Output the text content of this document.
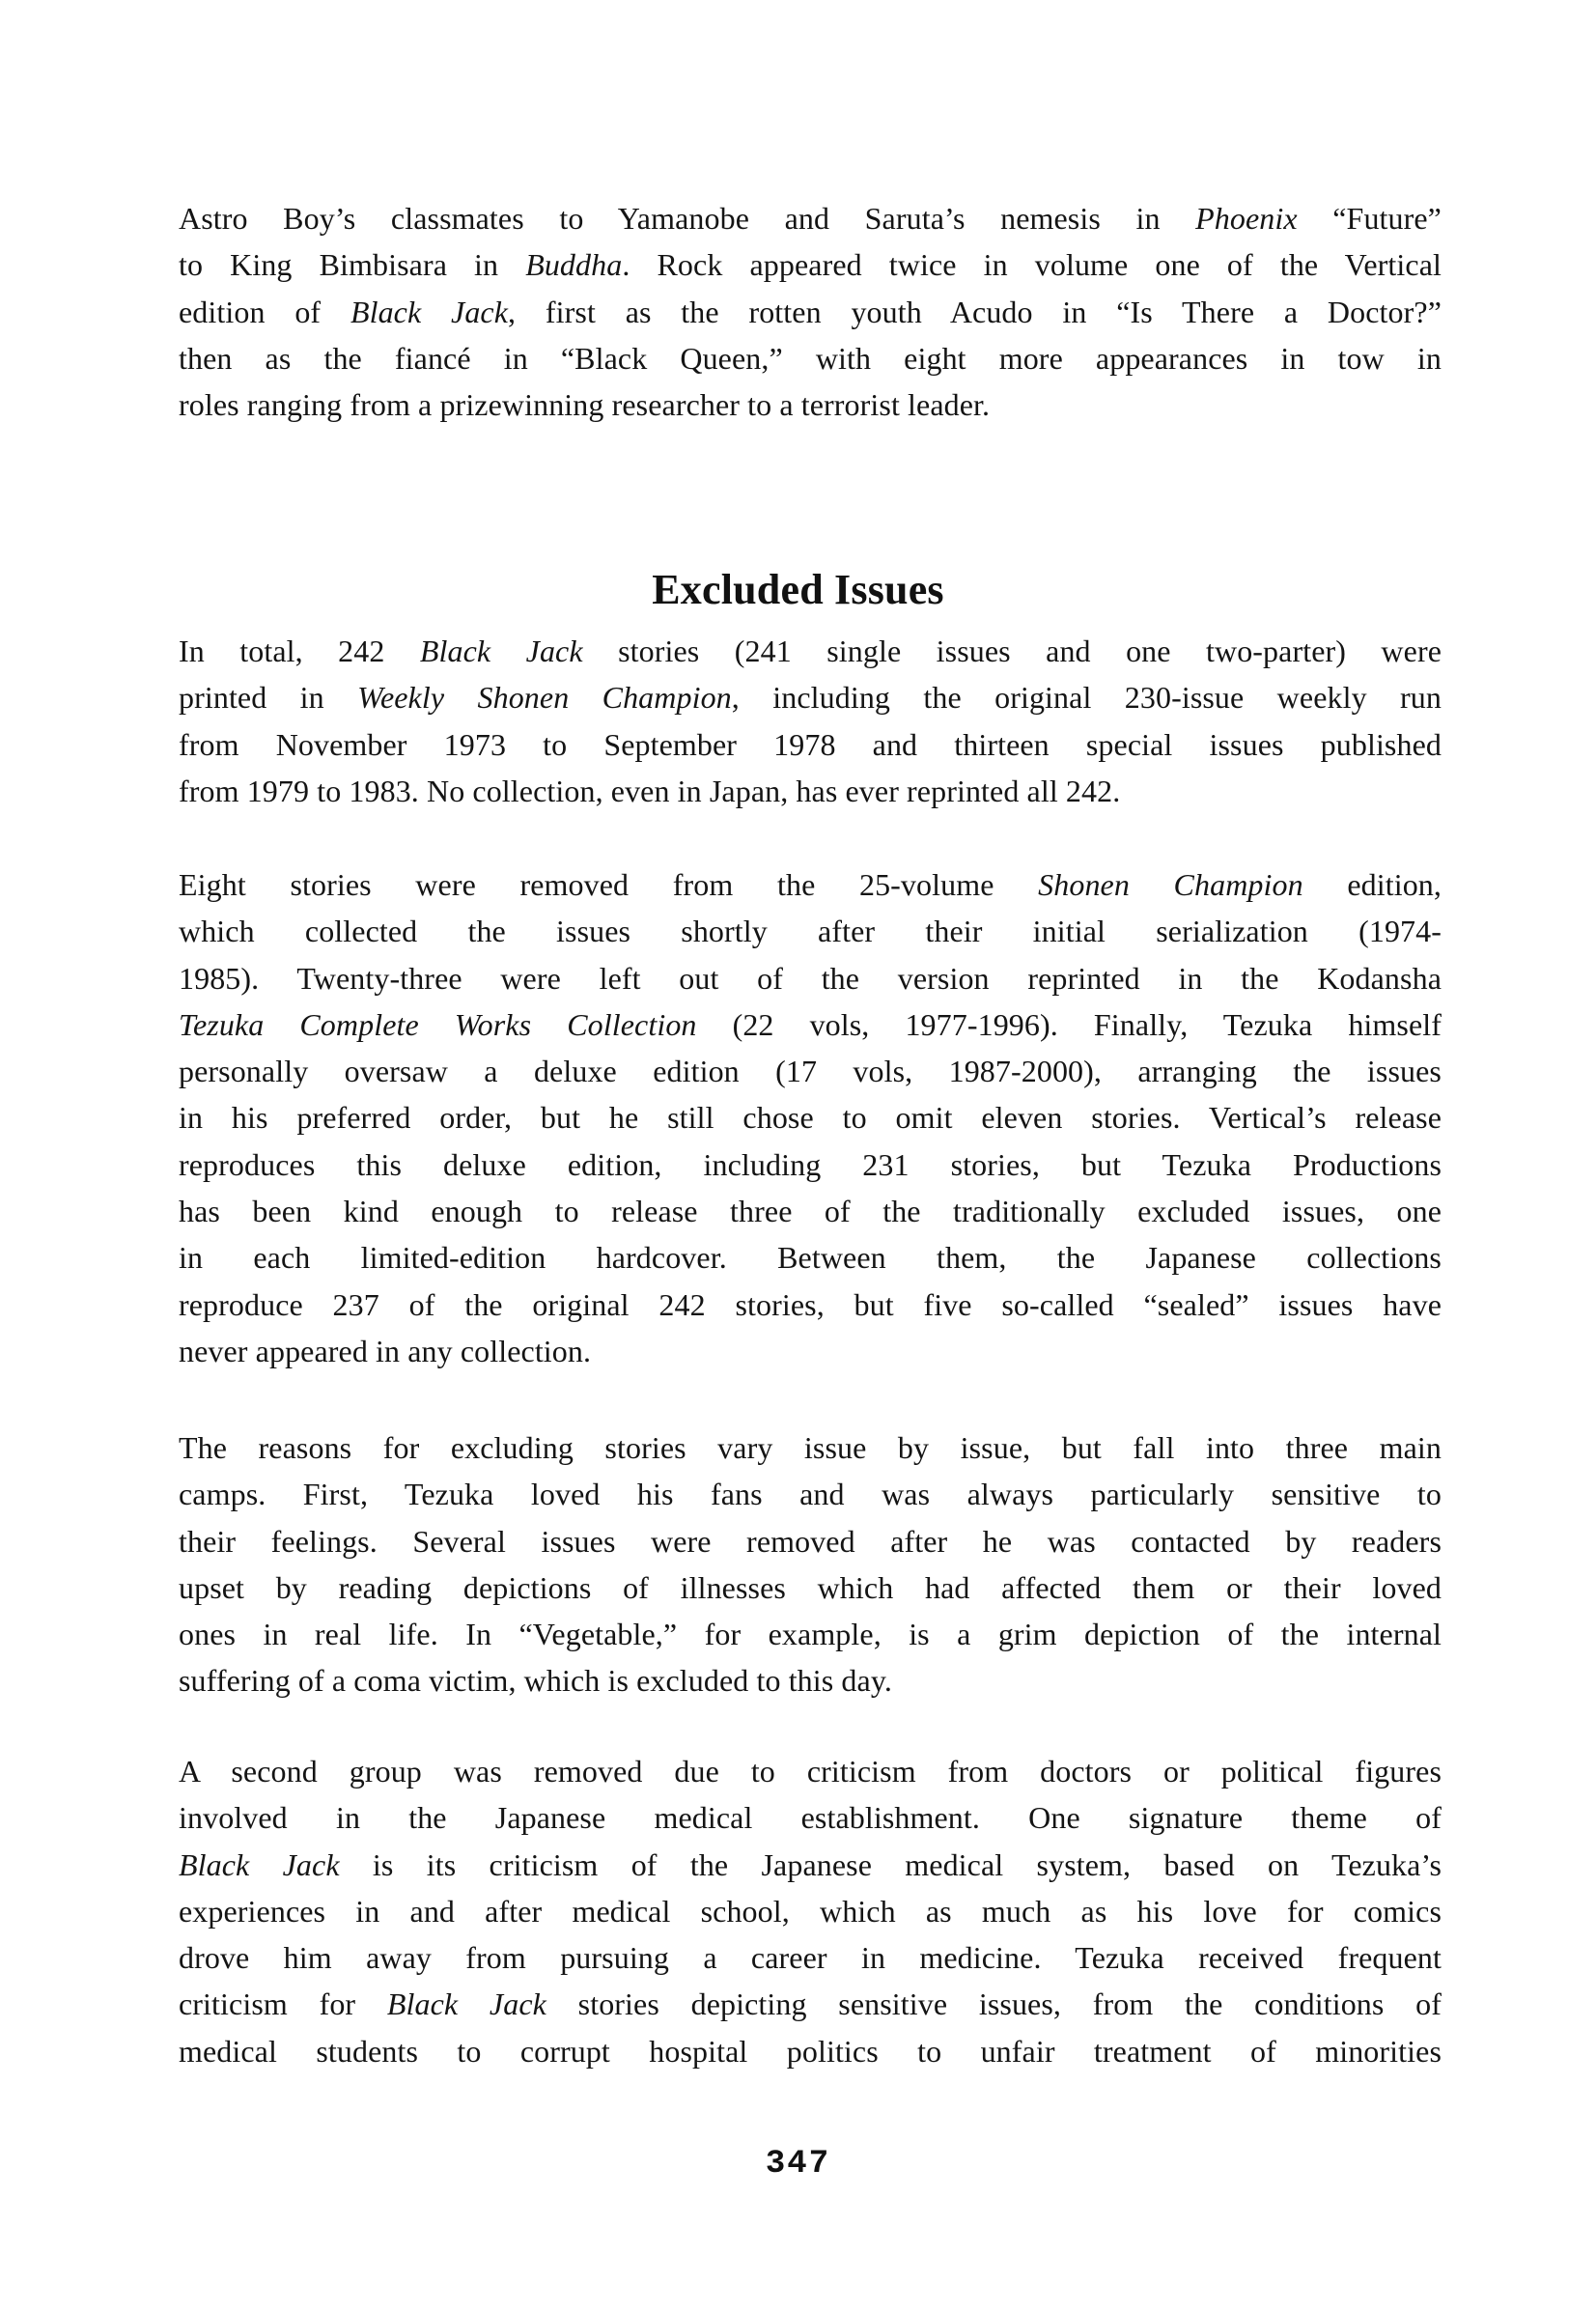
Astro Boy’s classmates to Yamanobe and Saruta’s nemesis in Phoenix “Future”
to King Bimbisara in Buddha. Rock appeared twice in volume one of the Vertical
edition of Black Jack, first as the rotten youth Acudo in “Is There a Doctor?”
then as the fiancé in “Black Queen,” with eight more appearances in tow in
roles ranging from a prizewinning researcher to a terrorist leader.
In total, 242 Black Jack stories (241 single issues and one two-parter) were
printed in Weekly Shonen Champion, including the original 230-issue weekly run
from November 1973 to September 1978 and thirteen special issues published
from 1979 to 1983. No collection, even in Japan, has ever reprinted all 242.
Eight stories were removed from the 25-volume Shonen Champion edition,
which collected the issues shortly after their initial serialization (1974-
1985). Twenty-three were left out of the version reprinted in the Kodansha
Tezuka Complete Works Collection (22 vols, 1977-1996). Finally, Tezuka himself
personally oversaw a deluxe edition (17 vols, 1987-2000), arranging the issues
in his preferred order, but he still chose to omit eleven stories. Vertical’s release
reproduces this deluxe edition, including 231 stories, but Tezuka Productions
has been kind enough to release three of the traditionally excluded issues, one
in each limited-edition hardcover. Between them, the Japanese collections
reproduce 237 of the original 242 stories, but five so-called “sealed” issues have
never appeared in any collection.
The reasons for excluding stories vary issue by issue, but fall into three main
camps. First, Tezuka loved his fans and was always particularly sensitive to
their feelings. Several issues were removed after he was contacted by readers
upset by reading depictions of illnesses which had affected them or their loved
ones in real life. In “Vegetable,” for example, is a grim depiction of the internal
suffering of a coma victim, which is excluded to this day.
A second group was removed due to criticism from doctors or political figures
involved in the Japanese medical establishment. One signature theme of
Black Jack is its criticism of the Japanese medical system, based on Tezuka’s
experiences in and after medical school, which as much as his love for comics
drove him away from pursuing a career in medicine. Tezuka received frequent
criticism for Black Jack stories depicting sensitive issues, from the conditions of
medical students to corrupt hospital politics to unfair treatment of minorities
Excluded Issues
347
